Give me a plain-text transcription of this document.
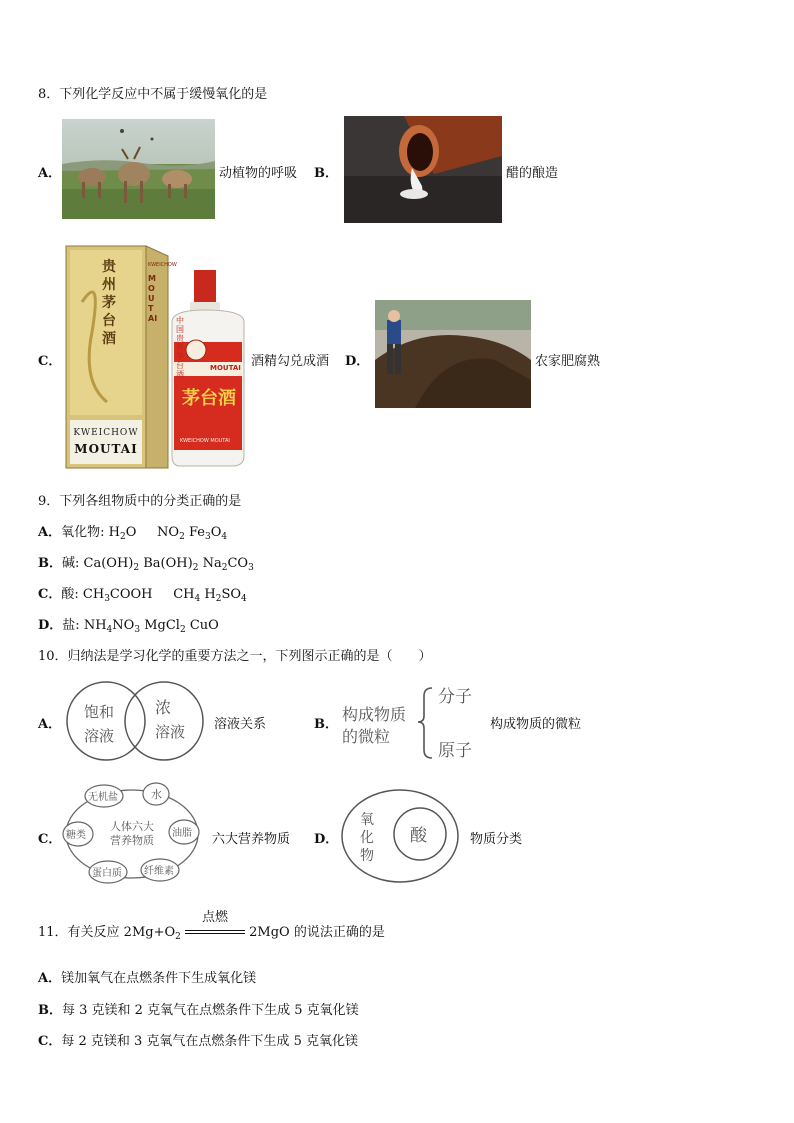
8．下列化学反应中不属于缓慢氧化的是
A．	动植物的呼吸 B．	醋的酿造
C．
贵州茅台酒
KWEICHOW
MOUTAI
KWEICHOW
MOUTAI
中国贵州茅台酒
MOUTAI
茅台酒
KWEICHOW MOUTAI
酒精勾兑成酒 D．	农家肥腐熟
9．下列各组物质中的分类正确的是
A．氧化物: $H_2O$ $NO_2$ $Fe_3O_4$
B．碱: $Ca(OH)_2$ $Ba(OH)_2$ $Na_2CO_3$
C．酸: $CH_3COOH$ $CH_4$ $H_2SO_4$
D．盐: $NH_4NO_3$ MgCl$_2$ CuO
10．归纳法是学习化学的重要方法之一，下列图示正确的是（　　）
A．
饱和
溶液
浓
溶液 溶液关系	B．
构成物质
的微粒
分子
原子
构成物质的微粒
C．
无机盐	水
油脂
纤维素
蛋白质
糖类
人体六大
营养物质	六大营养物质 D．
氧
化
物
酸	物质分类
11．有关反应 $2Mg+O_2$
点燃
2MgO 的说法正确的是
A．镁加氧气在点燃条件下生成氧化镁
B．每 3 克镁和 2 克氧气在点燃条件下生成 5 克氧化镁
C．每 2 克镁和 3 克氧气在点燃条件下生成 5 克氧化镁
